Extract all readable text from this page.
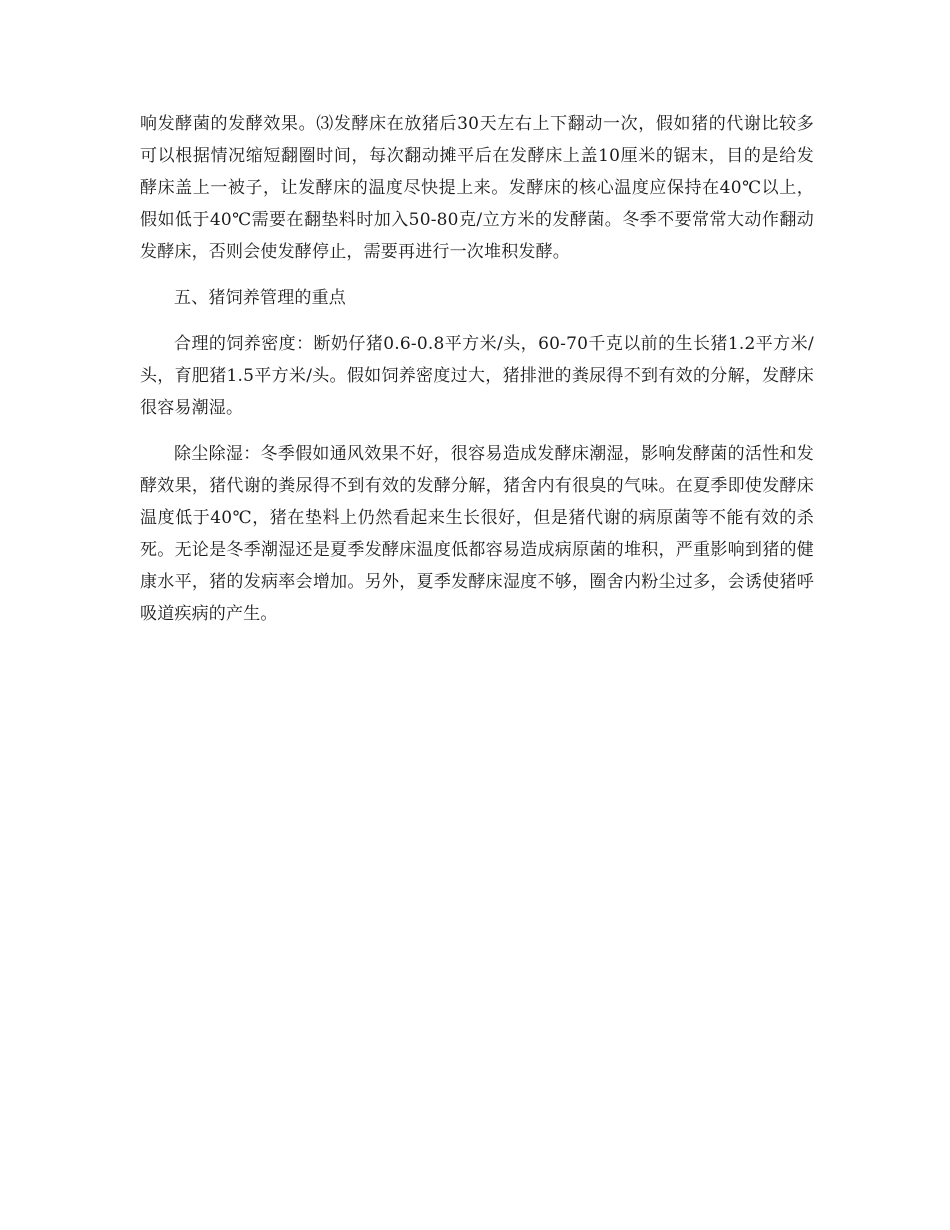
响发酵菌的发酵效果。⑶发酵床在放猪后30天左右上下翻动一次，假如猪的代谢比较多可以根据情况缩短翻圈时间，每次翻动摊平后在发酵床上盖10厘米的锯末，目的是给发酵床盖上一被子，让发酵床的温度尽快提上来。发酵床的核心温度应保持在40℃以上，假如低于40℃需要在翻垫料时加入50-80克/立方米的发酵菌。冬季不要常常大动作翻动发酵床，否则会使发酵停止，需要再进行一次堆积发酵。

五、猪饲养管理的重点

合理的饲养密度：断奶仔猪0.6-0.8平方米/头，60-70千克以前的生长猪1.2平方米/头，育肥猪1.5平方米/头。假如饲养密度过大，猪排泄的粪尿得不到有效的分解，发酵床很容易潮湿。

除尘除湿：冬季假如通风效果不好，很容易造成发酵床潮湿，影响发酵菌的活性和发酵效果，猪代谢的粪尿得不到有效的发酵分解，猪舍内有很臭的气味。在夏季即使发酵床温度低于40℃，猪在垫料上仍然看起来生长很好，但是猪代谢的病原菌等不能有效的杀死。无论是冬季潮湿还是夏季发酵床温度低都容易造成病原菌的堆积，严重影响到猪的健康水平，猪的发病率会增加。另外，夏季发酵床湿度不够，圈舍内粉尘过多，会诱使猪呼吸道疾病的产生。
